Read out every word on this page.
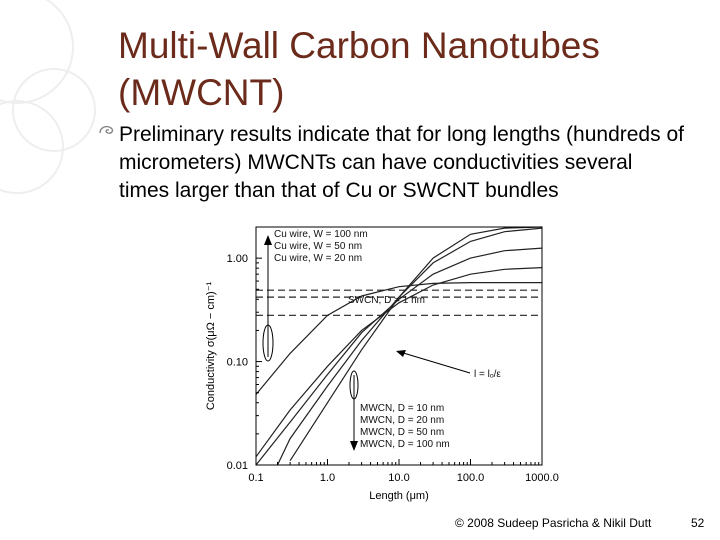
Multi-Wall Carbon Nanotubes
(MWCNT)
Preliminary results indicate that for long lengths (hundreds of micrometers) MWCNTs can have conductivities several times larger than that of Cu or SWCNT bundles
0.1	1.0	10.0	100.0	1000.0
0.01
0.10
1.00
Length (μm)
Conductivity σ(μΩ − cm)⁻¹
Cu wire, W = 100 nm
Cu wire, W = 50 nm
Cu wire, W = 20 nm
SWCN, D = 1 nm
l = lₒ/ε
MWCN, D = 10 nm
MWCN, D = 20 nm
MWCN, D = 50 nm
MWCN, D = 100 nm
© 2008 Sudeep Pasricha & Nikil Dutt	52
